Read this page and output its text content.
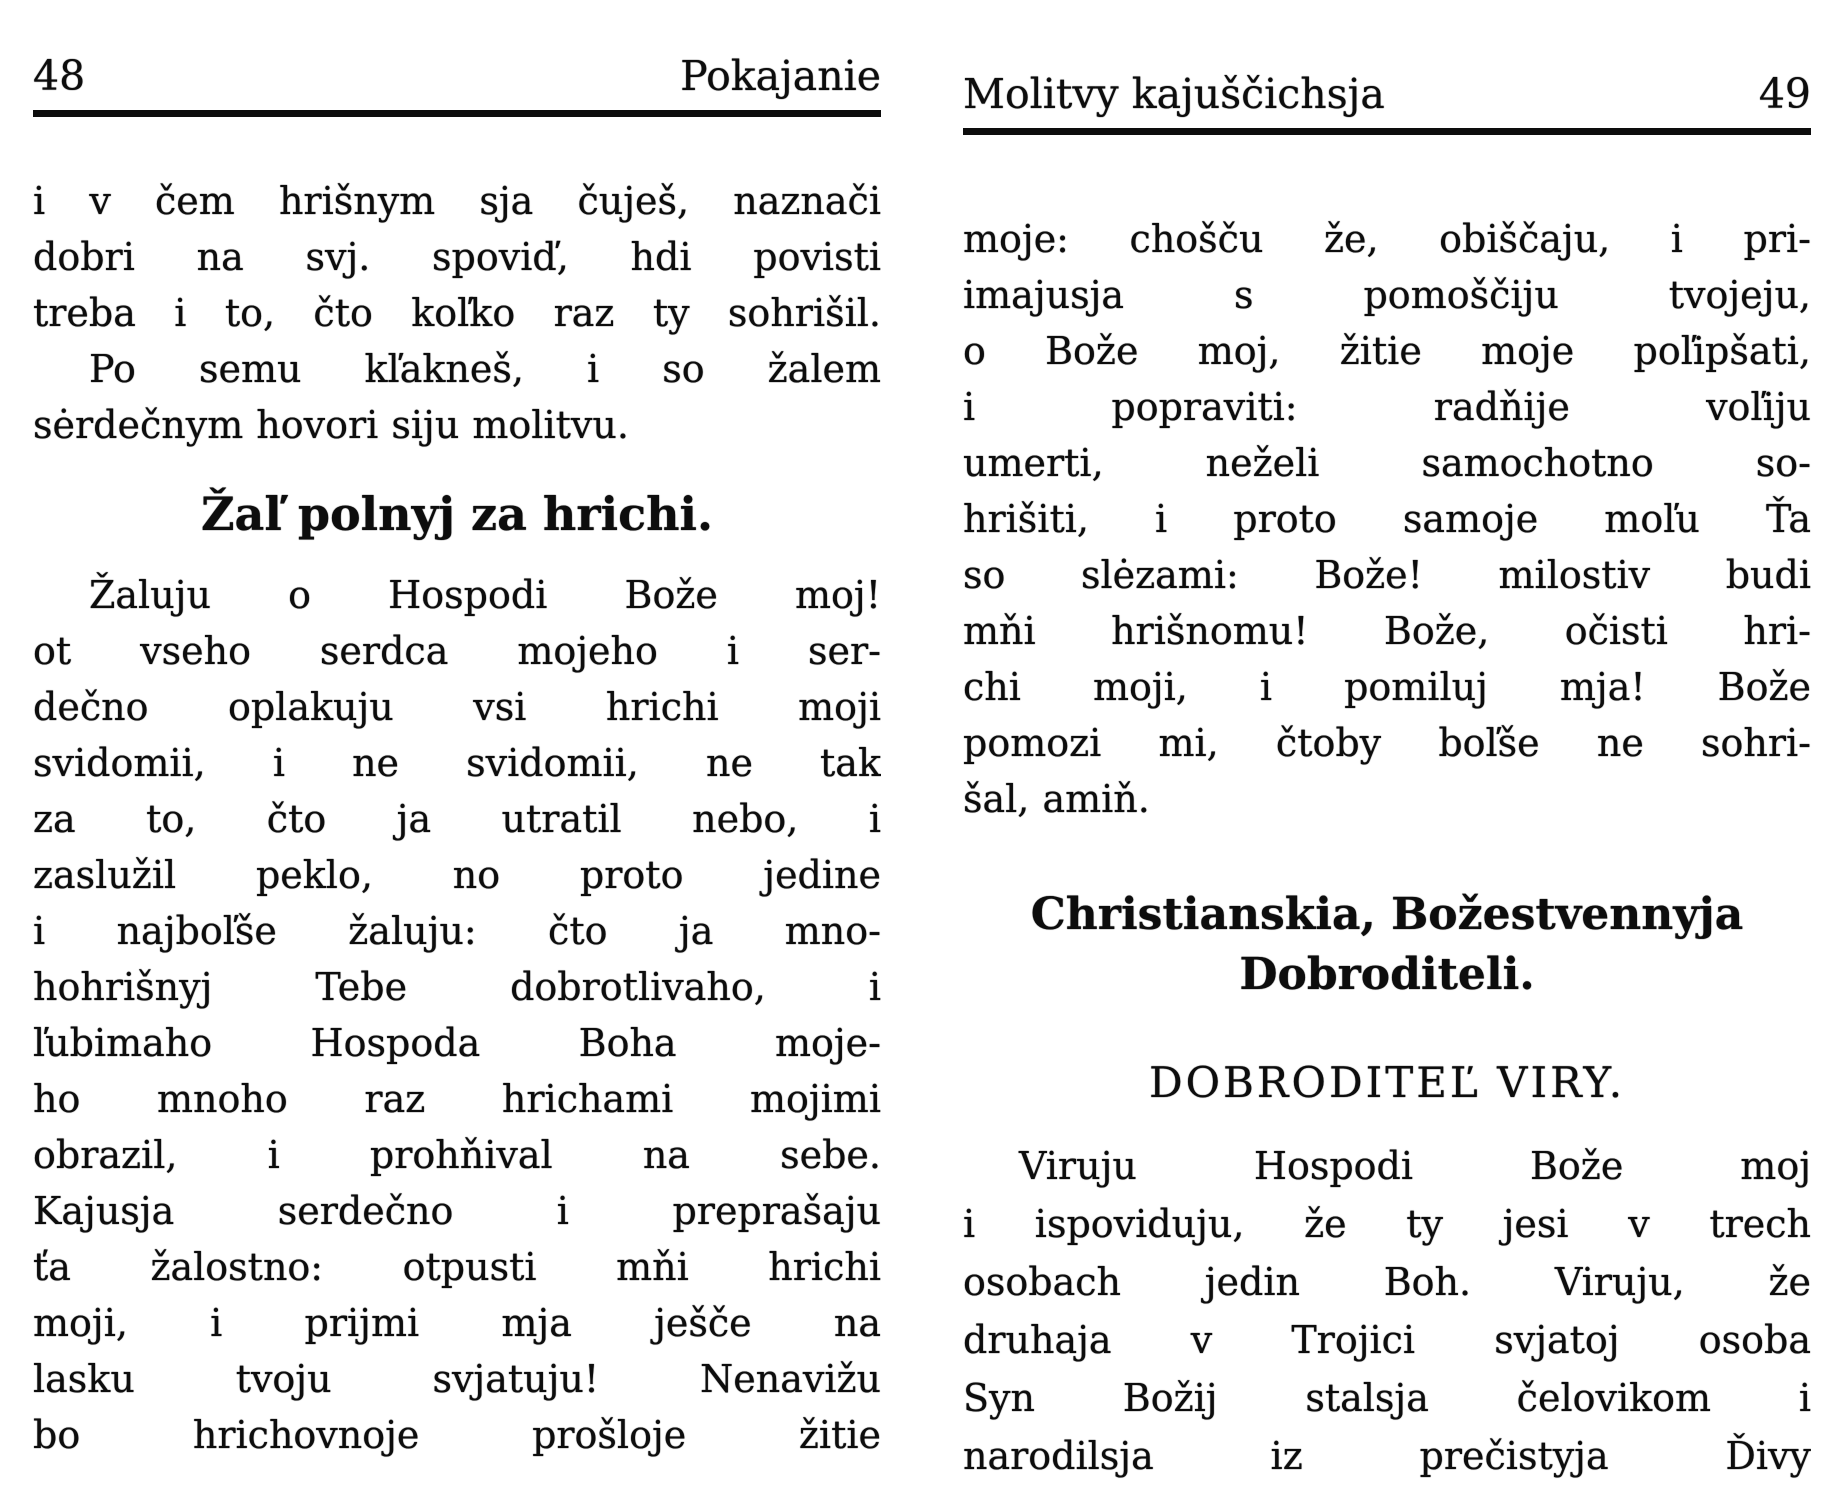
48	Pokajanie
i v čem hrišnym sja čuješ, naznači
dobri na svj. spoviď, hdi povisti
treba i to, čto koľko raz ty sohrišil.
Po semu kľakneš, i so žalem
sėrdečnym hovori siju molitvu.
Žaľ polnyj za hrichi.
Žaluju o Hospodi Bože moj!
ot vseho serdca mojeho i ser-
dečno oplakuju vsi hrichi moji
svidomii, i ne svidomii, ne tak
za to, čto ja utratil nebo, i
zaslužil peklo, no proto jedine
i najboľše žaluju: čto ja mno-
hohrišnyj Tebe dobrotlivaho, i
ľubimaho Hospoda Boha moje-
ho mnoho raz hrichami mojimi
obrazil, i prohňival na sebe.
Kajusja serdečno i preprašaju
ťa žalostno: otpusti mňi hrichi
moji, i prijmi mja ješče na
lasku tvoju svjatuju! Nenavižu
bo hrichovnoje prošloje žitie
Molitvy kajuščichsja	49
moje: chošču že, obiščaju, i pri-
imajusja s pomoščiju tvojeju,
o Bože moj, žitie moje poľipšati,
i popraviti: radňije voľiju
umerti, neželi samochotno so-
hrišiti, i proto samoje moľu Ťa
so slėzami: Bože! milostiv budi
mňi hrišnomu! Bože, očisti hri-
chi moji, i pomiluj mja! Bože
pomozi mi, čtoby boľše ne sohri-
šal, amiň.
Christianskia, Božestvennyja
Dobroditeli.
DOBRODITEĽ VIRY.
Viruju Hospodi Bože moj
i ispoviduju, že ty jesi v trech
osobach jedin Boh. Viruju, že
druhaja v Trojici svjatoj osoba
Syn Božij stalsja čelovikom i
narodilsja iz prečistyja Ďivy
